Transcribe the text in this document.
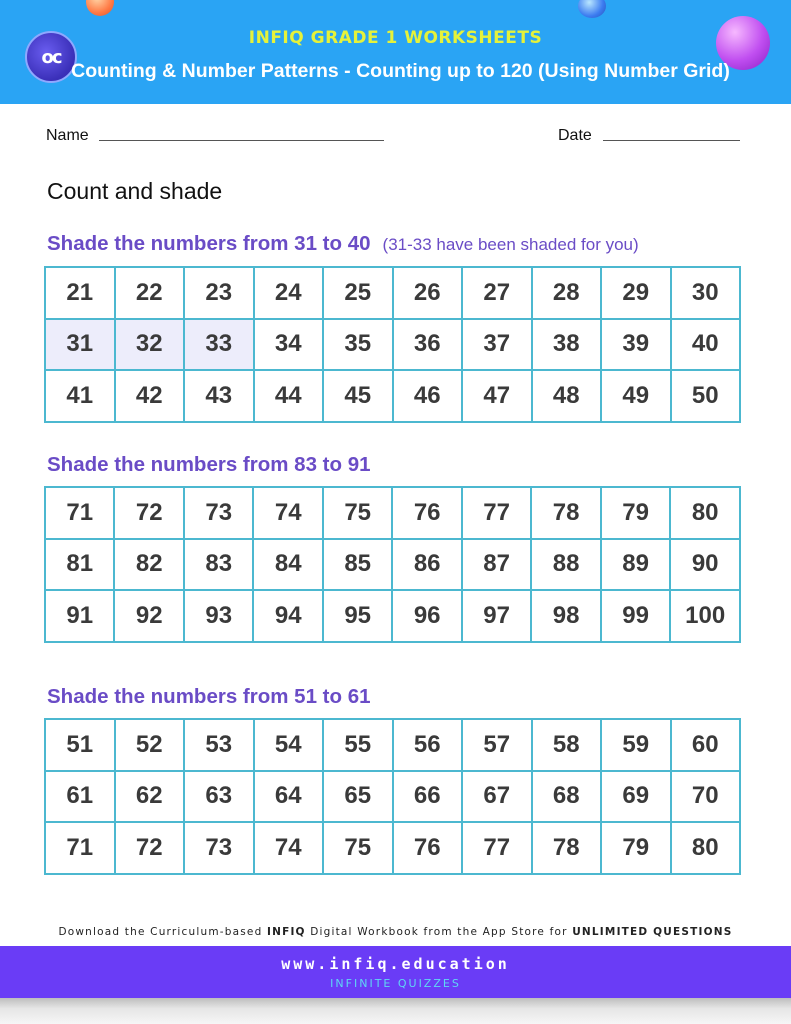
ᴏᴄ
INFIQ GRADE 1 WORKSHEETS
Counting & Number Patterns - Counting up to 120 (Using Number Grid)
Name	Date
Count and shade
Shade the numbers from 31 to 40 (31-33 have been shaded for you)
21	22	23	24	25	26	27	28	29	30
31	32	33	34	35	36	37	38	39	40
41	42	43	44	45	46	47	48	49	50
Shade the numbers from 83 to 91
71	72	73	74	75	76	77	78	79	80
81	82	83	84	85	86	87	88	89	90
91	92	93	94	95	96	97	98	99	100
Shade the numbers from 51 to 61
51	52	53	54	55	56	57	58	59	60
61	62	63	64	65	66	67	68	69	70
71	72	73	74	75	76	77	78	79	80
Download the Curriculum-based INFIQ Digital Workbook from the App Store for UNLIMITED QUESTIONS
www.infiq.education
INFINITE QUIZZES
